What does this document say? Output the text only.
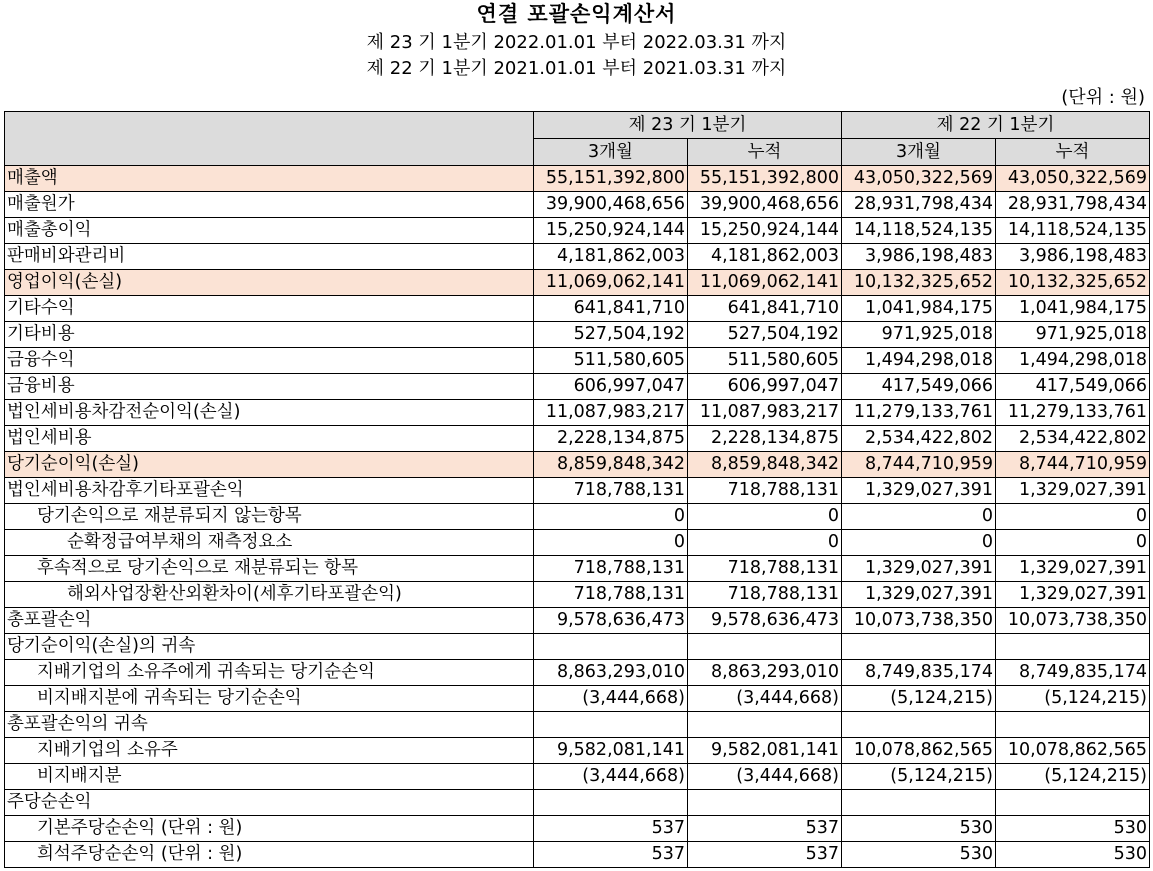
연결 포괄손익계산서
제 23 기 1분기 2022.01.01 부터 2022.03.31 까지
제 22 기 1분기 2021.01.01 부터 2021.03.31 까지
(단위 : 원)
	제 23 기 1분기		제 22 기 1분기	
	3개월	누적	3개월	누적
매출액	55,151,392,800	55,151,392,800	43,050,322,569	43,050,322,569
매출원가	39,900,468,656	39,900,468,656	28,931,798,434	28,931,798,434
매출총이익	15,250,924,144	15,250,924,144	14,118,524,135	14,118,524,135
판매비와관리비	4,181,862,003	4,181,862,003	3,986,198,483	3,986,198,483
영업이익(손실)	11,069,062,141	11,069,062,141	10,132,325,652	10,132,325,652
기타수익	641,841,710	641,841,710	1,041,984,175	1,041,984,175
기타비용	527,504,192	527,504,192	971,925,018	971,925,018
금융수익	511,580,605	511,580,605	1,494,298,018	1,494,298,018
금융비용	606,997,047	606,997,047	417,549,066	417,549,066
법인세비용차감전순이익(손실)	11,087,983,217	11,087,983,217	11,279,133,761	11,279,133,761
법인세비용	2,228,134,875	2,228,134,875	2,534,422,802	2,534,422,802
당기순이익(손실)	8,859,848,342	8,859,848,342	8,744,710,959	8,744,710,959
법인세비용차감후기타포괄손익	718,788,131	718,788,131	1,329,027,391	1,329,027,391
당기손익으로 재분류되지 않는항목	0	0	0	0
순확정급여부채의 재측정요소	0	0	0	0
후속적으로 당기손익으로 재분류되는 항목	718,788,131	718,788,131	1,329,027,391	1,329,027,391
해외사업장환산외환차이(세후기타포괄손익)	718,788,131	718,788,131	1,329,027,391	1,329,027,391
총포괄손익	9,578,636,473	9,578,636,473	10,073,738,350	10,073,738,350
당기순이익(손실)의 귀속				
지배기업의 소유주에게 귀속되는 당기순손익	8,863,293,010	8,863,293,010	8,749,835,174	8,749,835,174
비지배지분에 귀속되는 당기순손익	(3,444,668)	(3,444,668)	(5,124,215)	(5,124,215)
총포괄손익의 귀속				
지배기업의 소유주	9,582,081,141	9,582,081,141	10,078,862,565	10,078,862,565
비지배지분	(3,444,668)	(3,444,668)	(5,124,215)	(5,124,215)
주당순손익				
기본주당순손익 (단위 : 원)	537	537	530	530
희석주당순손익 (단위 : 원)	537	537	530	530
